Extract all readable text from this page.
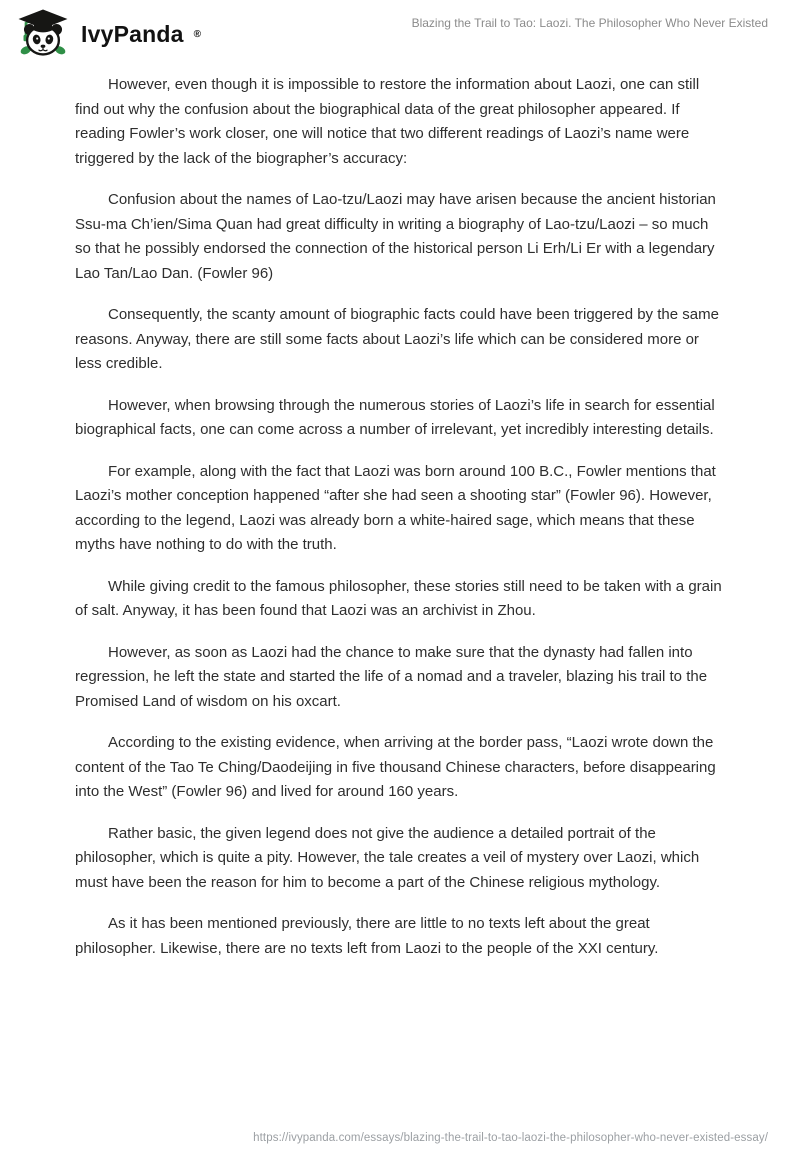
IvyPanda ®
Blazing the Trail to Tao: Laozi. The Philosopher Who Never Existed

However, even though it is impossible to restore the information about Laozi, one can still find out why the confusion about the biographical data of the great philosopher appeared. If reading Fowler’s work closer, one will notice that two different readings of Laozi’s name were triggered by the lack of the biographer’s accuracy:

Confusion about the names of Lao-tzu/Laozi may have arisen because the ancient historian Ssu-ma Ch’ien/Sima Quan had great difficulty in writing a biography of Lao-tzu/Laozi – so much so that he possibly endorsed the connection of the historical person Li Erh/Li Er with a legendary Lao Tan/Lao Dan. (Fowler 96)

Consequently, the scanty amount of biographic facts could have been triggered by the same reasons. Anyway, there are still some facts about Laozi’s life which can be considered more or less credible.

However, when browsing through the numerous stories of Laozi’s life in search for essential biographical facts, one can come across a number of irrelevant, yet incredibly interesting details.

For example, along with the fact that Laozi was born around 100 B.C., Fowler mentions that Laozi’s mother conception happened “after she had seen a shooting star” (Fowler 96). However, according to the legend, Laozi was already born a white-haired sage, which means that these myths have nothing to do with the truth.

While giving credit to the famous philosopher, these stories still need to be taken with a grain of salt. Anyway, it has been found that Laozi was an archivist in Zhou.

However, as soon as Laozi had the chance to make sure that the dynasty had fallen into regression, he left the state and started the life of a nomad and a traveler, blazing his trail to the Promised Land of wisdom on his oxcart.

According to the existing evidence, when arriving at the border pass, “Laozi wrote down the content of the Tao Te Ching/Daodeijing in five thousand Chinese characters, before disappearing into the West” (Fowler 96) and lived for around 160 years.

Rather basic, the given legend does not give the audience a detailed portrait of the philosopher, which is quite a pity. However, the tale creates a veil of mystery over Laozi, which must have been the reason for him to become a part of the Chinese religious mythology.

As it has been mentioned previously, there are little to no texts left about the great philosopher. Likewise, there are no texts left from Laozi to the people of the XXI century.

https://ivypanda.com/essays/blazing-the-trail-to-tao-laozi-the-philosopher-who-never-existed-essay/
